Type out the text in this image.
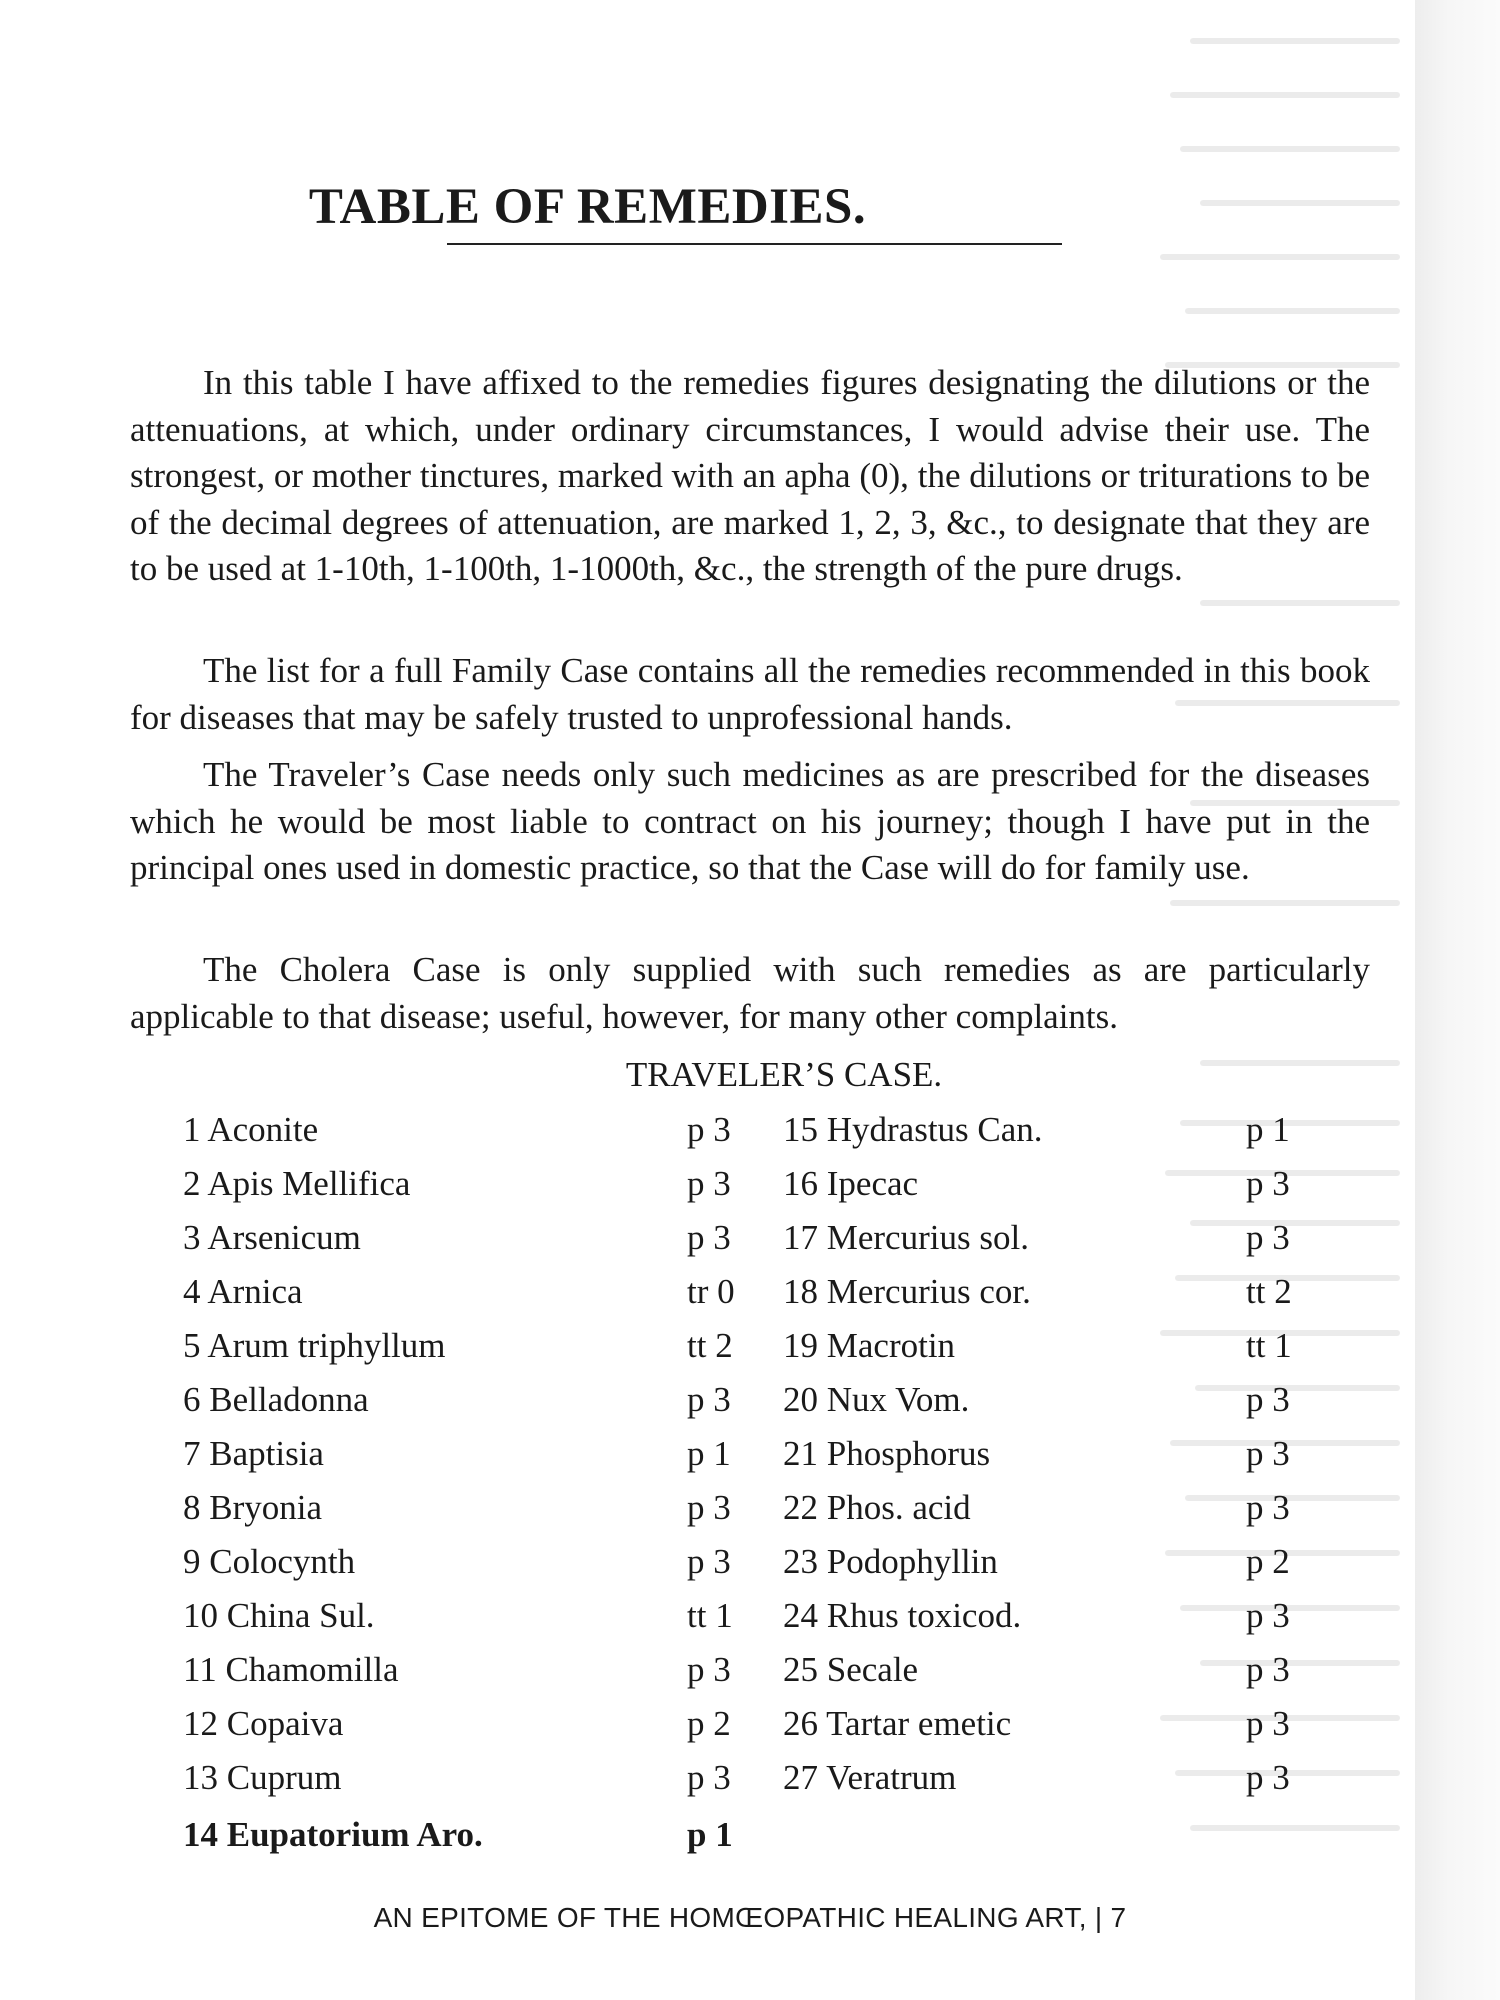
TABLE OF REMEDIES.

In this table I have affixed to the remedies figures designating the dilutions or the attenuations, at which, under ordinary circumstances, I would advise their use. The strongest, or mother tinctures, marked with an apha (0), the dilutions or triturations to be of the decimal degrees of attenuation, are marked 1, 2, 3, &c., to designate that they are to be used at 1-10th, 1-100th, 1-1000th, &c., the strength of the pure drugs.

The list for a full Family Case contains all the remedies recommended in this book for diseases that may be safely trusted to unprofessional hands.

The Traveler’s Case needs only such medicines as are prescribed for the diseases which he would be most liable to contract on his journey; though I have put in the principal ones used in domestic practice, so that the Case will do for family use.

The Cholera Case is only supplied with such remedies as are particularly applicable to that disease; useful, however, for many other complaints.

TRAVELER’S CASE.
1 Aconite	p 3
2 Apis Mellifica	p 3
3 Arsenicum	p 3
4 Arnica	tr 0
5 Arum triphyllum	tt 2
6 Belladonna	p 3
7 Baptisia	p 1
8 Bryonia	p 3
9 Colocynth	p 3
10 China Sul.	tt 1
11 Chamomilla	p 3
12 Copaiva	p 2
13 Cuprum	p 3
14 Eupatorium Aro.	p 1
15 Hydrastus Can.	p 1
16 Ipecac	p 3
17 Mercurius sol.	p 3
18 Mercurius cor.	tt 2
19 Macrotin	tt 1
20 Nux Vom.	p 3
21 Phosphorus	p 3
22 Phos. acid	p 3
23 Podophyllin	p 2
24 Rhus toxicod.	p 3
25 Secale	p 3
26 Tartar emetic	p 3
27 Veratrum	p 3
AN EPITOME OF THE HOMŒOPATHIC HEALING ART, | 7
